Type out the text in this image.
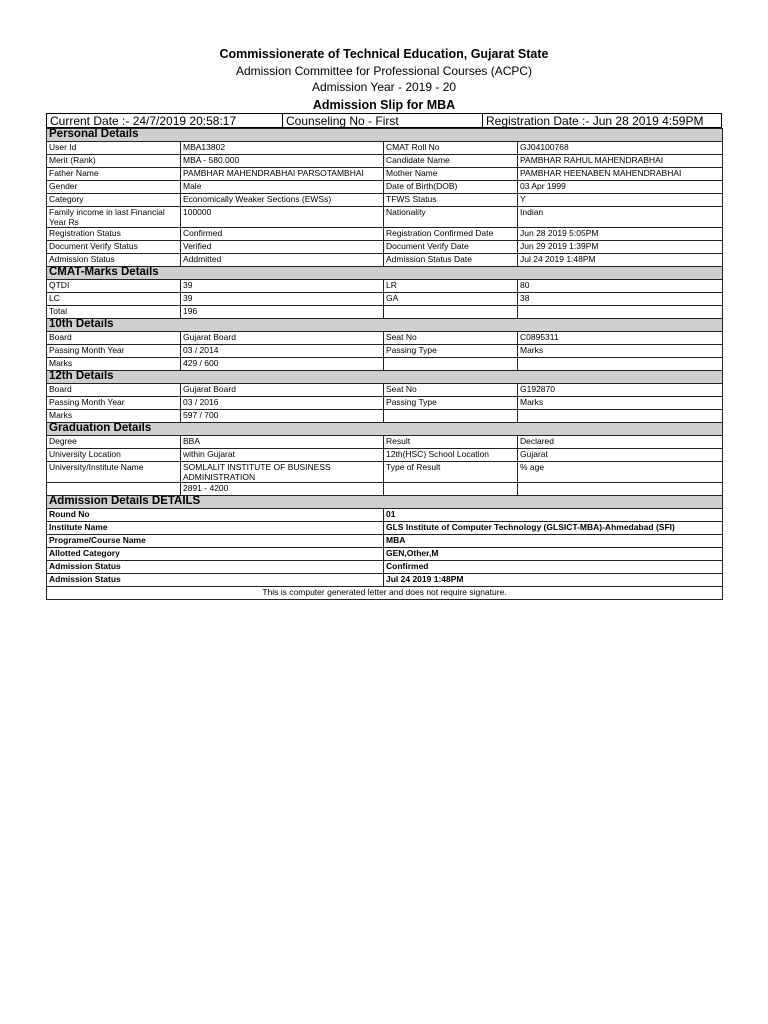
Commissionerate of Technical Education, Gujarat State
Admission Committee for Professional Courses (ACPC)
Admission Year - 2019 - 20
Admission Slip for MBA
Current Date :- 24/7/2019 20:58:17	Counseling No - First	Registration Date :- Jun 28 2019 4:59PM
Personal Details			
User Id	MBA13802	CMAT Roll No	GJ04100768
Merit (Rank)	MBA - 580.000	Candidate Name	PAMBHAR RAHUL MAHENDRABHAI
Father Name	PAMBHAR MAHENDRABHAI PARSOTAMBHAI	Mother Name	PAMBHAR HEENABEN MAHENDRABHAI
Gender	Male	Date of Birth(DOB)	03 Apr 1999
Category	Economically Weaker Sections (EWSs)	TFWS Status	Y
Family income in last Financial Year Rs	100000	Nationality	Indian
Registration Status	Confirmed	Registration Confirmed Date	Jun 28 2019 5:05PM
Document Verify Status	Verified	Document Verify Date	Jun 29 2019 1:39PM
Admission Status	Addmitted	Admission Status Date	Jul 24 2019 1:48PM
CMAT-Marks Details			
QTDI	39	LR	80
LC	39	GA	38
Total	196		
10th Details			
Board	Gujarat Board	Seat No	C0895311
Passing Month Year	03 / 2014	Passing Type	Marks
Marks	429 / 600		
12th Details			
Board	Gujarat Board	Seat No	G192870
Passing Month Year	03 / 2016	Passing Type	Marks
Marks	597 / 700		
Graduation Details			
Degree	BBA	Result	Declared
University Location	within Gujarat	12th(HSC) School Location	Gujarat
University/Institute Name	SOMLALIT INSTITUTE OF BUSINESS ADMINISTRATION	Type of Result	% age
	2891 - 4200		
Admission Details DETAILS			
Round No		01	
Institute Name		GLS Institute of Computer Technology (GLSICT-MBA)-Ahmedabad (SFI)	
Programe/Course Name		MBA	
Allotted Category		GEN,Other,M	
Admission Status		Confirmed	
Admission Status		Jul 24 2019 1:48PM	
This is computer generated letter and does not require signature.			
